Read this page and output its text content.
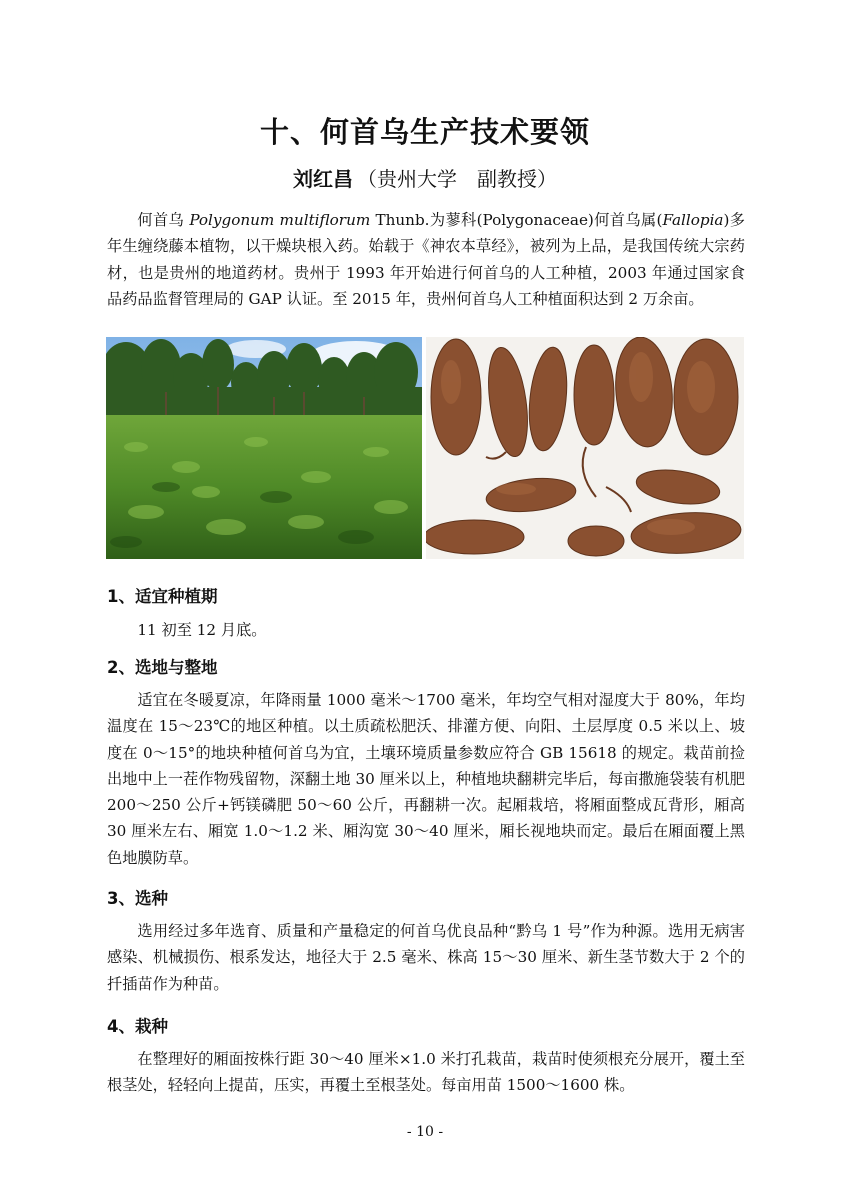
十、何首乌生产技术要领
刘红昌 （贵州大学　副教授）
何首乌 Polygonum multiflorum Thunb.为蓼科(Polygonaceae)何首乌属(Fallopia)多年生缠绕藤本植物，以干燥块根入药。始载于《神农本草经》，被列为上品，是我国传统大宗药材，也是贵州的地道药材。贵州于 1993 年开始进行何首乌的人工种植，2003 年通过国家食品药品监督管理局的 GAP 认证。至 2015 年，贵州何首乌人工种植面积达到 2 万余亩。
1、适宜种植期
11 初至 12 月底。
2、选地与整地
适宜在冬暖夏凉，年降雨量 1000 毫米～1700 毫米，年均空气相对湿度大于 80%，年均温度在 15～23℃的地区种植。以土质疏松肥沃、排灌方便、向阳、土层厚度 0.5 米以上、坡度在 0～15°的地块种植何首乌为宜，土壤环境质量参数应符合 GB 15618 的规定。栽苗前捡出地中上一茬作物残留物，深翻土地 30 厘米以上，种植地块翻耕完毕后，每亩撒施袋装有机肥 200～250 公斤+钙镁磷肥 50～60 公斤，再翻耕一次。起厢栽培，将厢面整成瓦背形，厢高 30 厘米左右、厢宽 1.0～1.2 米、厢沟宽 30～40 厘米，厢长视地块而定。最后在厢面覆上黑色地膜防草。
3、选种
选用经过多年选育、质量和产量稳定的何首乌优良品种“黔乌 1 号”作为种源。选用无病害感染、机械损伤、根系发达，地径大于 2.5 毫米、株高 15～30 厘米、新生茎节数大于 2 个的扦插苗作为种苗。
4、栽种
在整理好的厢面按株行距 30～40 厘米×1.0 米打孔栽苗，栽苗时使须根充分展开，覆土至根茎处，轻轻向上提苗，压实，再覆土至根茎处。每亩用苗 1500～1600 株。
- 10 -
